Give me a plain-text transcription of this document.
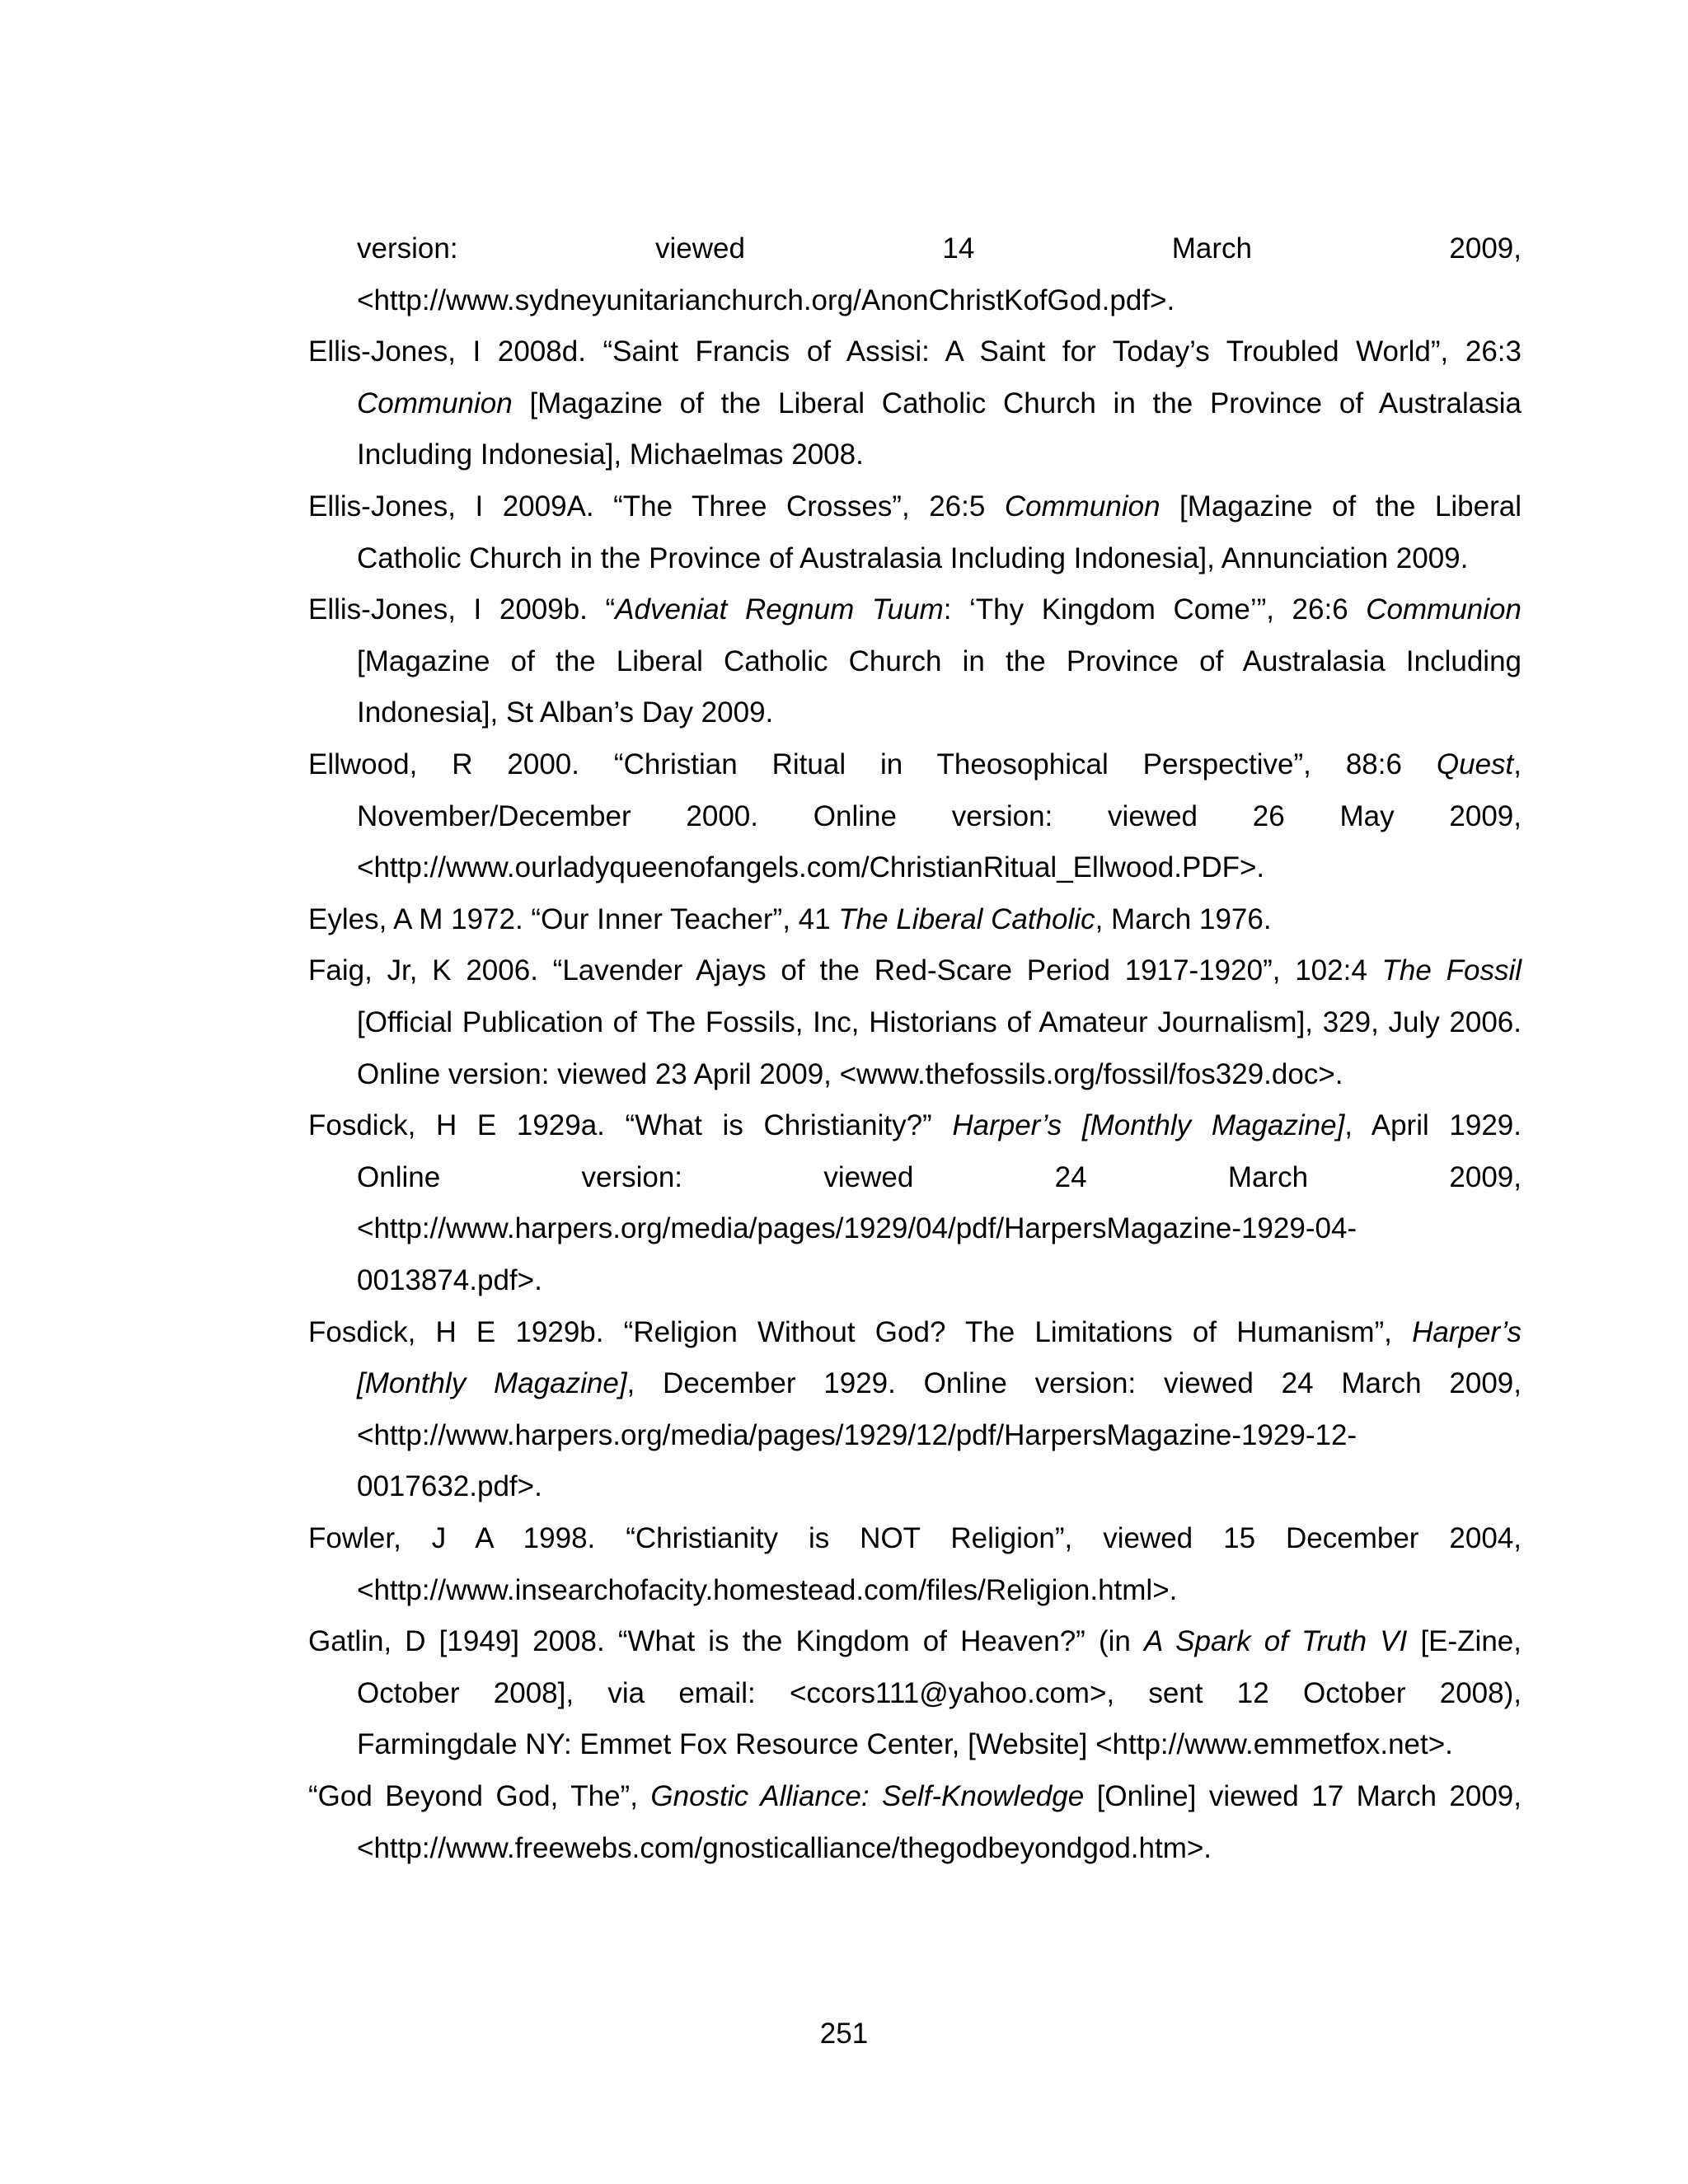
version: viewed 14 March 2009,
<http://www.sydneyunitarianchurch.org/AnonChristKofGod.pdf>.
Ellis-Jones, I 2008d. “Saint Francis of Assisi: A Saint for Today’s Troubled World”, 26:3
Communion [Magazine of the Liberal Catholic Church in the Province of Australasia
Including Indonesia], Michaelmas 2008.
Ellis-Jones, I 2009A. “The Three Crosses”, 26:5 Communion [Magazine of the Liberal
Catholic Church in the Province of Australasia Including Indonesia], Annunciation 2009.
Ellis-Jones, I 2009b. “Adveniat Regnum Tuum: ‘Thy Kingdom Come’”, 26:6 Communion
[Magazine of the Liberal Catholic Church in the Province of Australasia Including
Indonesia], St Alban’s Day 2009.
Ellwood, R 2000. “Christian Ritual in Theosophical Perspective”, 88:6 Quest,
November/December 2000. Online version: viewed 26 May 2009,
<http://www.ourladyqueenofangels.com/ChristianRitual_Ellwood.PDF>.
Eyles, A M 1972. “Our Inner Teacher”, 41 The Liberal Catholic, March 1976.
Faig, Jr, K 2006. “Lavender Ajays of the Red-Scare Period 1917-1920”, 102:4 The Fossil
[Official Publication of The Fossils, Inc, Historians of Amateur Journalism], 329, July 2006.
Online version: viewed 23 April 2009, <www.thefossils.org/fossil/fos329.doc>.
Fosdick, H E 1929a. “What is Christianity?” Harper’s [Monthly Magazine], April 1929.
Online version: viewed 24 March 2009,
<http://www.harpers.org/media/pages/1929/04/pdf/HarpersMagazine-1929-04-
0013874.pdf>.
Fosdick, H E 1929b. “Religion Without God? The Limitations of Humanism”, Harper’s
[Monthly Magazine], December 1929. Online version: viewed 24 March 2009,
<http://www.harpers.org/media/pages/1929/12/pdf/HarpersMagazine-1929-12-
0017632.pdf>.
Fowler, J A 1998. “Christianity is NOT Religion”, viewed 15 December 2004,
<http://www.insearchofacity.homestead.com/files/Religion.html>.
Gatlin, D [1949] 2008. “What is the Kingdom of Heaven?” (in A Spark of Truth VI [E-Zine,
October 2008], via email: <ccors111@yahoo.com>, sent 12 October 2008),
Farmingdale NY: Emmet Fox Resource Center, [Website] <http://www.emmetfox.net>.
“God Beyond God, The”, Gnostic Alliance: Self-Knowledge [Online] viewed 17 March 2009,
<http://www.freewebs.com/gnosticalliance/thegodbeyondgod.htm>.
251
